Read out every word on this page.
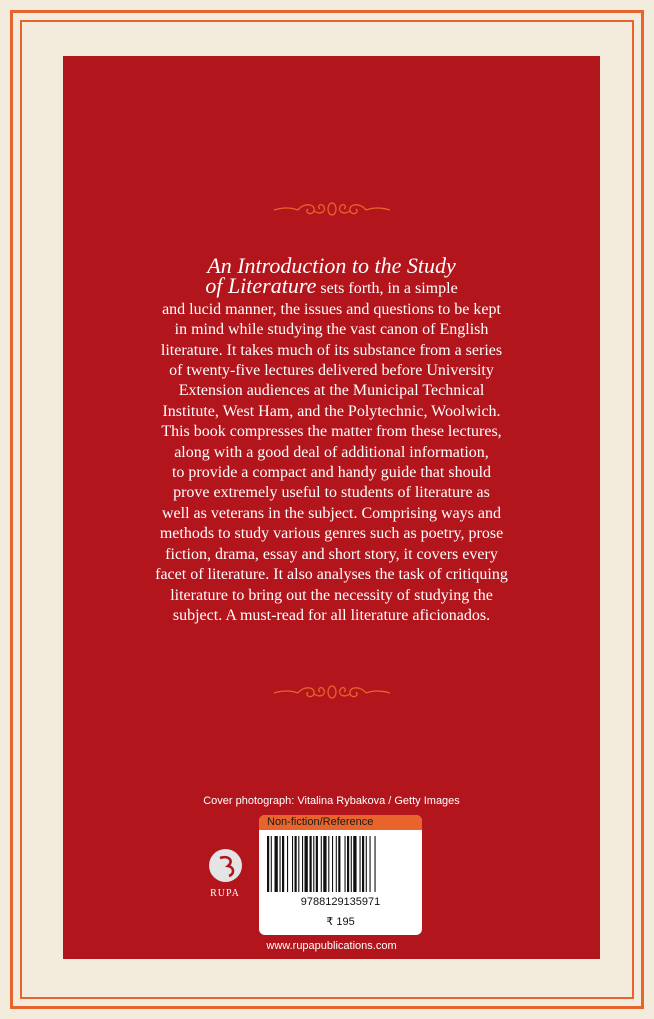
An Introduction to the Study
of Literature sets forth, in a simple
and lucid manner, the issues and questions to be kept
in mind while studying the vast canon of English
literature. It takes much of its substance from a series
of twenty-five lectures delivered before University
Extension audiences at the Municipal Technical
Institute, West Ham, and the Polytechnic, Woolwich.
This book compresses the matter from these lectures,
along with a good deal of additional information,
to provide a compact and handy guide that should
prove extremely useful to students of literature as
well as veterans in the subject. Comprising ways and
methods to study various genres such as poetry, prose
fiction, drama, essay and short story, it covers every
facet of literature. It also analyses the task of critiquing
literature to bring out the necessity of studying the
subject. A must-read for all literature aficionados.
Cover photograph: Vitalina Rybakova / Getty Images
RUPA
Non-fiction/Reference
9788129135971
₹ 195
www.rupapublications.com
